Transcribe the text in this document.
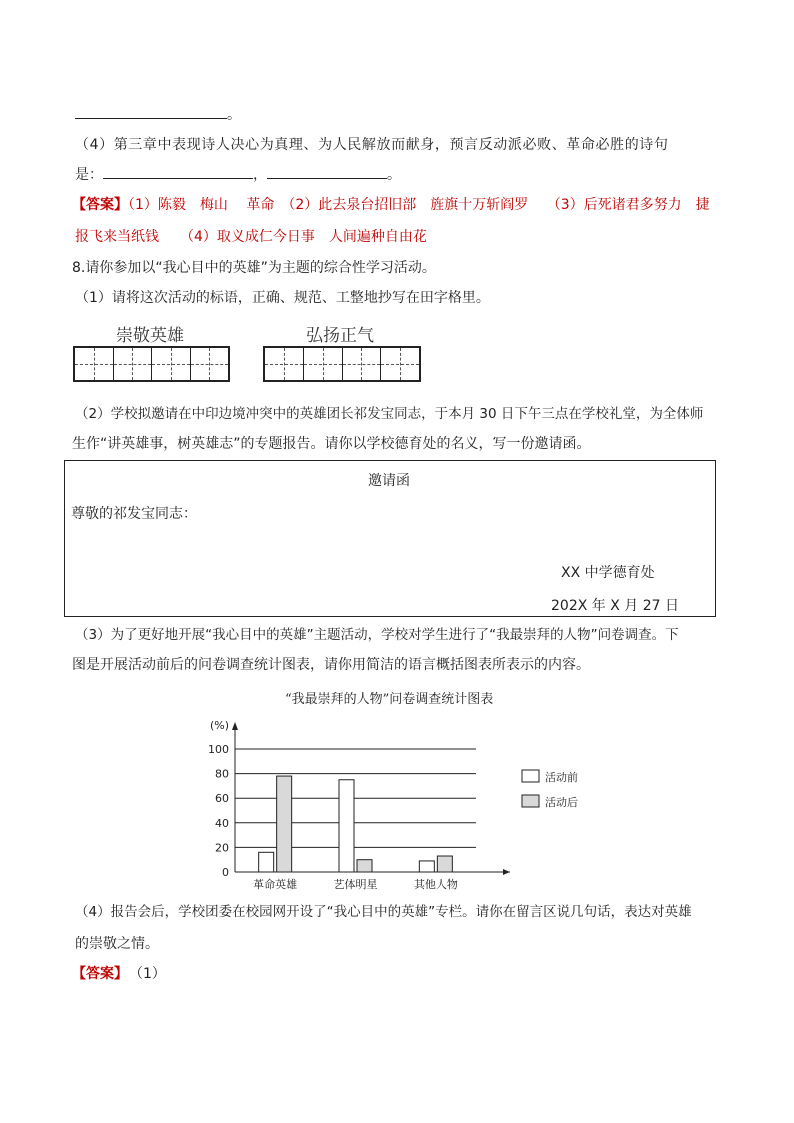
。
（4）第三章中表现诗人决心为真理、为人民解放而献身，预言反动派必败、革命必胜的诗句
是：	，	。
【答案】（1）陈毅　梅山　 革命　（2）此去泉台招旧部　旌旗十万斩阎罗　 （3）后死诸君多努力　捷
报飞来当纸钱　　（4）取义成仁今日事　人间遍种自由花
8.请你参加以“我心目中的英雄”为主题的综合性学习活动。
（1）请将这次活动的标语，正确、规范、工整地抄写在田字格里。
崇敬英雄	弘扬正气
（2）学校拟邀请在中印边境冲突中的英雄团长祁发宝同志，于本月 30 日下午三点在学校礼堂，为全体师
生作“讲英雄事，树英雄志”的专题报告。请你以学校德育处的名义，写一份邀请函。
邀请函
尊敬的祁发宝同志：
XX 中学德育处
202X 年 X 月 27 日
（3）为了更好地开展“我心目中的英雄”主题活动，学校对学生进行了“我最崇拜的人物”问卷调查。下
图是开展活动前后的问卷调查统计图表，请你用简洁的语言概括图表所表示的内容。
“我最崇拜的人物”问卷调查统计图表
0
20
40
60
80
100
(%)
革命英雄	艺体明星	其他人物
活动前
活动后
（4）报告会后，学校团委在校园网开设了“我心目中的英雄”专栏。请你在留言区说几句话，表达对英雄
的崇敬之情。
【答案】 （1）
